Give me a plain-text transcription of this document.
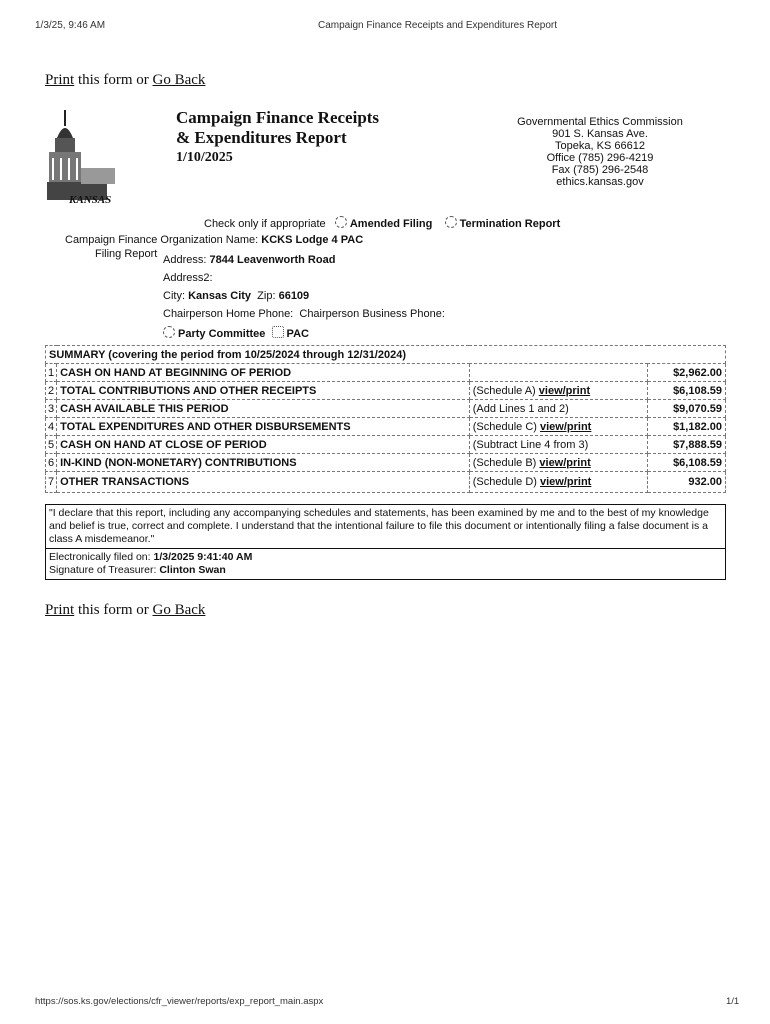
1/3/25, 9:46 AM	Campaign Finance Receipts and Expenditures Report
Print this form or Go Back
KANSAS
Campaign Finance Receipts
& Expenditures Report
1/10/2025
Governmental Ethics Commission
901 S. Kansas Ave.
Topeka, KS 66612
Office (785) 296-4219
Fax (785) 296-2548
ethics.kansas.gov
Check only if appropriate Amended Filing Termination Report
Campaign Finance Organization Name: KCKS Lodge 4 PAC
Filing Report Address: 7844 Leavenworth Road
Address2:
City: Kansas City Zip: 66109
Chairperson Home Phone: Chairperson Business Phone:
Party Committee PAC
SUMMARY (covering the period from 10/25/2024 through 12/31/2024)			
1	CASH ON HAND AT BEGINNING OF PERIOD		$2,962.00
2	TOTAL CONTRIBUTIONS AND OTHER RECEIPTS	(Schedule A) view/print	$6,108.59
3	CASH AVAILABLE THIS PERIOD	(Add Lines 1 and 2)	$9,070.59
4	TOTAL EXPENDITURES AND OTHER DISBURSEMENTS	(Schedule C) view/print	$1,182.00
5	CASH ON HAND AT CLOSE OF PERIOD	(Subtract Line 4 from 3)	$7,888.59
6	IN-KIND (NON-MONETARY) CONTRIBUTIONS	(Schedule B) view/print	$6,108.59
7	OTHER TRANSACTIONS	(Schedule D) view/print	932.00
"I declare that this report, including any accompanying schedules and statements, has been examined by me and to the best of my knowledge and belief is true, correct and complete. I understand that the intentional failure to file this document or intentionally filing a false document is a class A misdemeanor."
Electronically filed on: 1/3/2025 9:41:40 AM
Signature of Treasurer: Clinton Swan
Print this form or Go Back
https://sos.ks.gov/elections/cfr_viewer/reports/exp_report_main.aspx	1/1
